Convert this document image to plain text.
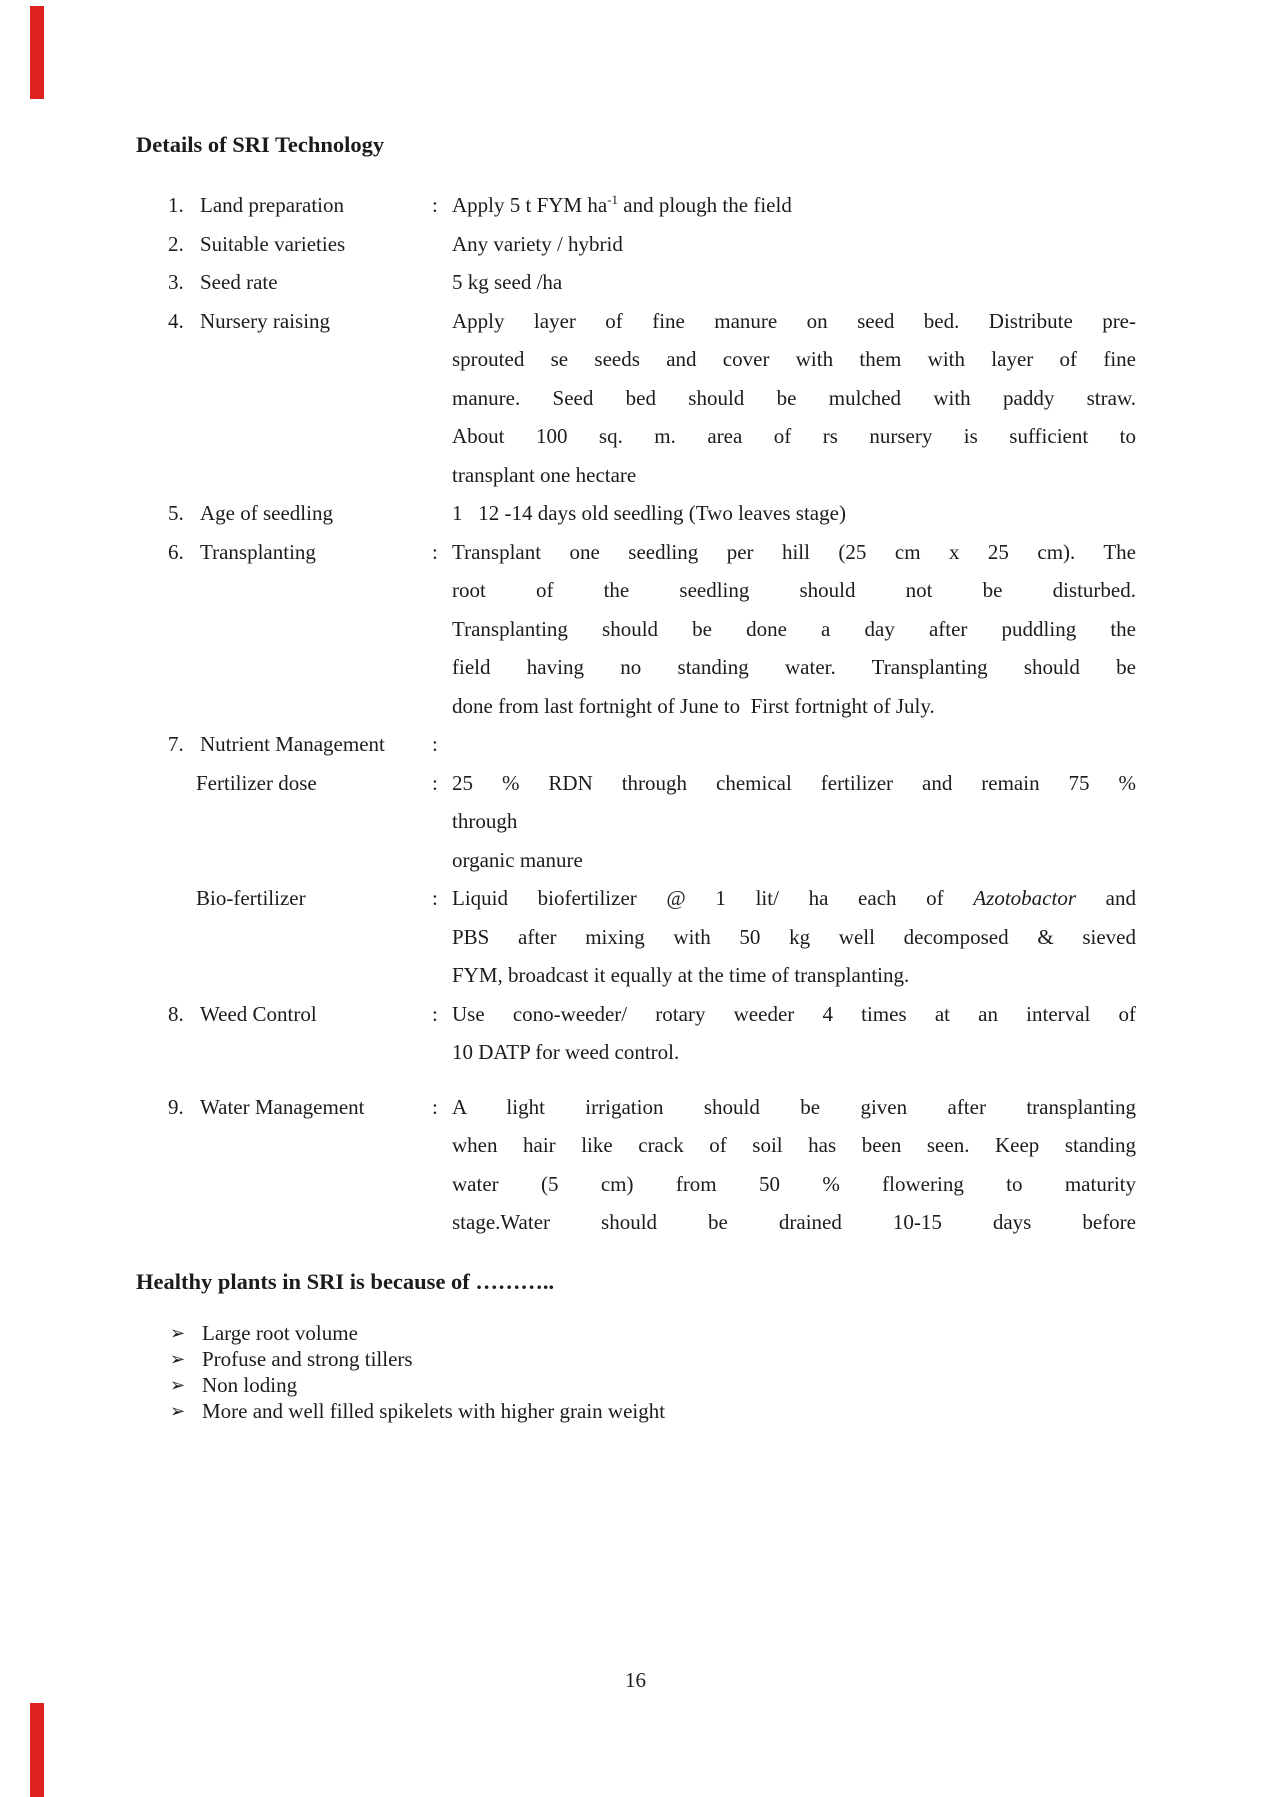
Details of SRI Technology
1. Land preparation	: Apply 5 t FYM $ha^{-1}$ and plough the field
2. Suitable varieties	Any variety / hybrid
3. Seed rate	5 kg seed /ha
4. Nursery raising	Apply layer of fine manure on seed bed. Distribute pre-
sprouted se seeds and cover with them with layer of fine
manure. Seed bed should be mulched with paddy straw.
About 100 sq. m. area of rs nursery is sufficient to
transplant one hectare
5. Age of seedling	1   12 -14 days old seedling (Two leaves stage)
6. Transplanting	: Transplant one seedling per hill (25 cm x 25 cm). The
root of the seedling should not be disturbed.
Transplanting should be done a day after puddling the
field having no standing water. Transplanting should be
done from last fortnight of June to  First fortnight of July.
7. Nutrient Management	:
Fertilizer dose	: 25 % RDN through chemical fertilizer and remain 75 %
through
organic manure
Bio-fertilizer	: Liquid biofertilizer @ 1 lit/ ha each of Azotobactor and
PBS after mixing with 50 kg well decomposed & sieved
FYM, broadcast it equally at the time of transplanting.
8. Weed Control	: Use cono-weeder/ rotary weeder 4 times at an interval of
10 DATP for weed control.
9. Water Management	: A light irrigation should be given after transplanting
when hair like crack of soil has been seen. Keep standing
water (5 cm) from 50 % flowering to maturity
stage.Water should be drained 10-15 days before
Healthy plants in SRI is because of ………..
➢ Large root volume
➢ Profuse and strong tillers
➢ Non loding
➢ More and well filled spikelets with higher grain weight
16
